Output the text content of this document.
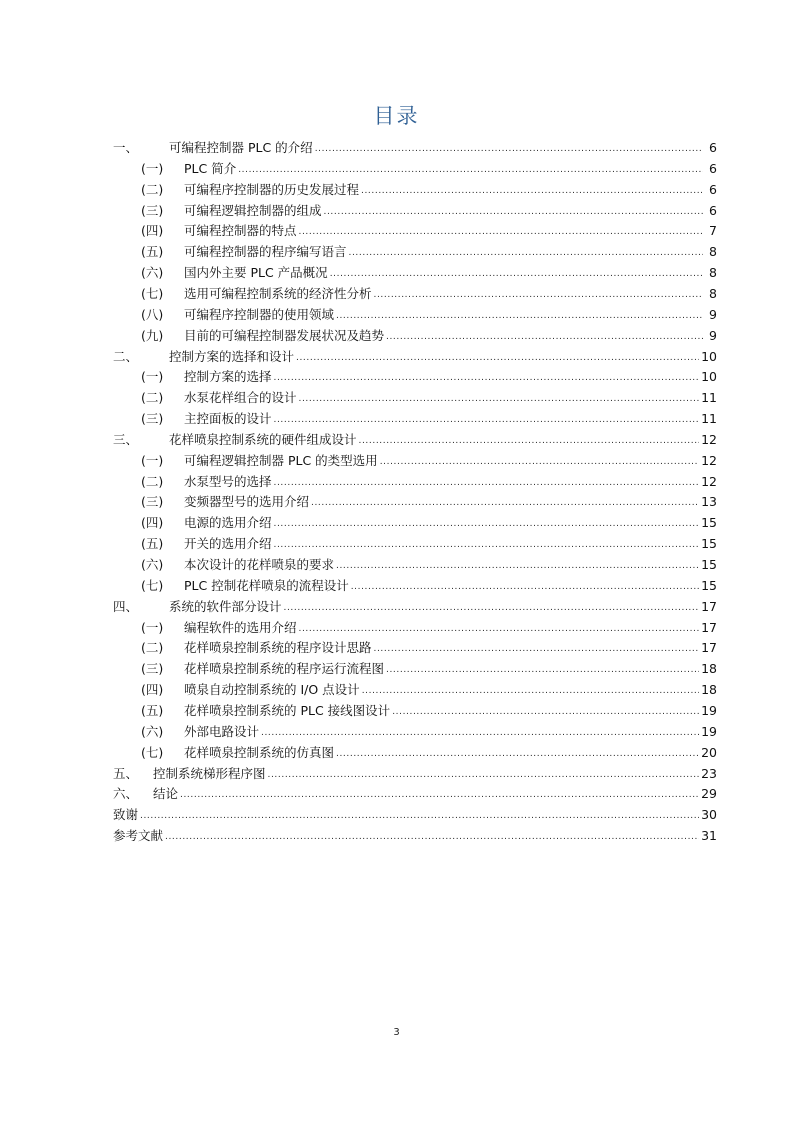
目录
一、	可编程控制器 PLC 的介绍 .....	6
(一)	PLC 简介 .....	6
(二)	可编程序控制器的历史发展过程 .....	6
(三)	可编程逻辑控制器的组成 .....	6
(四)	可编程控制器的特点 .....	7
(五)	可编程控制器的程序编写语言 .....	8
(六)	国内外主要 PLC 产品概况 .....	8
(七)	选用可编程控制系统的经济性分析 .....	8
(八)	可编程序控制器的使用领域 .....	9
(九)	目前的可编程控制器发展状况及趋势 .....	9
二、	控制方案的选择和设计 .....	10
(一)	控制方案的选择 .....	10
(二)	水泵花样组合的设计 .....	11
(三)	主控面板的设计 .....	11
三、	花样喷泉控制系统的硬件组成设计 .....	12
(一)	可编程逻辑控制器 PLC 的类型选用 .....	12
(二)	水泵型号的选择 .....	12
(三)	变频器型号的选用介绍 .....	13
(四)	电源的选用介绍 .....	15
(五)	开关的选用介绍 .....	15
(六)	本次设计的花样喷泉的要求 .....	15
(七)	PLC 控制花样喷泉的流程设计 .....	15
四、	系统的软件部分设计 .....	17
(一)	编程软件的选用介绍 .....	17
(二)	花样喷泉控制系统的程序设计思路 .....	17
(三)	花样喷泉控制系统的程序运行流程图 .....	18
(四)	喷泉自动控制系统的 I/O 点设计 .....	18
(五)	花样喷泉控制系统的 PLC 接线图设计 .....	19
(六)	外部电路设计 .....	19
(七)	花样喷泉控制系统的仿真图 .....	20
五、	控制系统梯形程序图 .....	23
六、	结论 .....	29
致谢 .....	30
参考文献 .....	31
3
